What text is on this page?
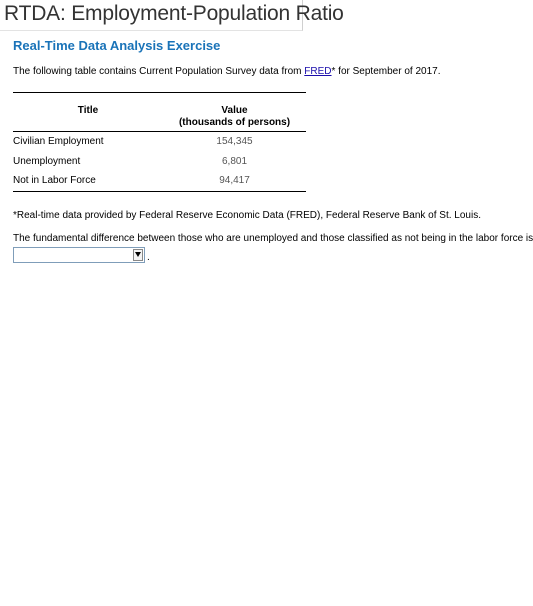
RTDA: Employment-Population Ratio
Real-Time Data Analysis Exercise

The following table contains Current Population Survey data from FRED* for September of 2017.

Title	Value
(thousands of persons)
Civilian Employment	154,345
Unemployment	6,801
Not in Labor Force	94,417

*Real-time data provided by Federal Reserve Economic Data (FRED), Federal Reserve Bank of St. Louis.

The fundamental difference between those who are unemployed and those classified as not being in the labor force is

.
